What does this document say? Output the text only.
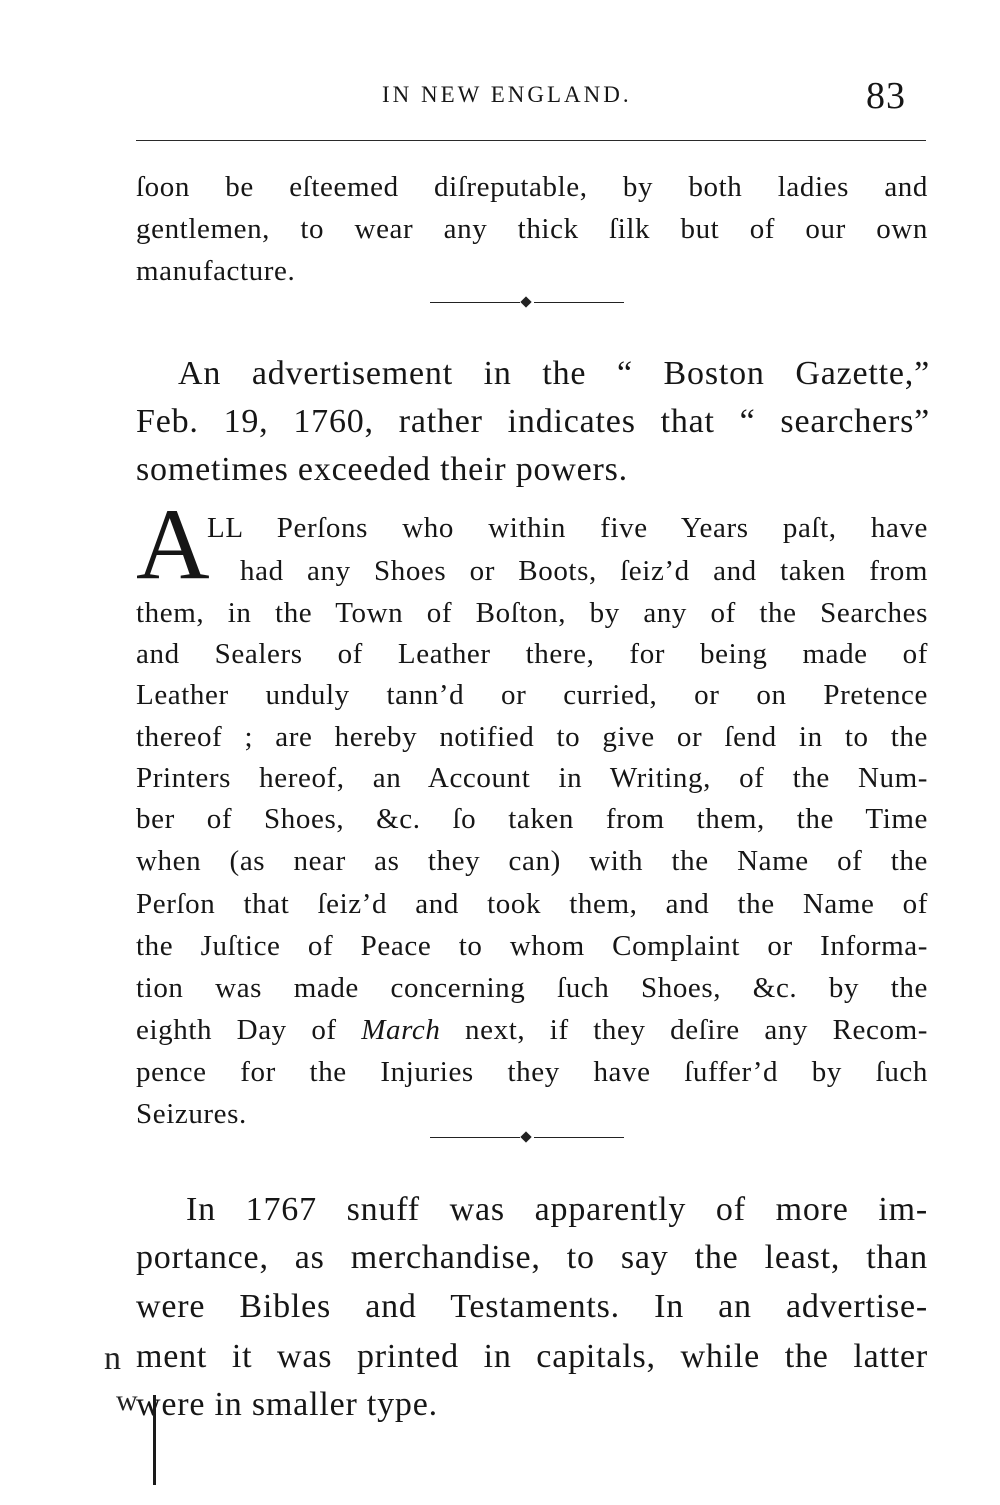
IN NEW ENGLAND.	83
ſoon be eſteemed diſreputable, by both ladies and
gentlemen, to wear any thick ſilk but of our own
manufacture.
An advertisement in the “ Boston Gazette,”
Feb. 19, 1760, rather indicates that “ searchers”
sometimes exceeded their powers.
A
LL Perſons who within five Years paſt, have
had any Shoes or Boots, ſeiz’d and taken from
them, in the Town of Boſton, by any of the Searches
and Sealers of Leather there, for being made of
Leather unduly tann’d or curried, or on Pretence
thereof ; are hereby notified to give or ſend in to the
Printers hereof, an Account in Writing, of the Num-
ber of Shoes, &c. ſo taken from them, the Time
when (as near as they can) with the Name of the
Perſon that ſeiz’d and took them, and the Name of
the Juſtice of Peace to whom Complaint or Informa-
tion was made concerning ſuch Shoes, &c. by the
eighth Day of March next, if they deſire any Recom-
pence for the Injuries they have ſuffer’d by ſuch
Seizures.
In 1767 snuff was apparently of more im-
portance, as merchandise, to say the least, than
were Bibles and Testaments. In an advertise-
ment it was printed in capitals, while the latter
were in smaller type.
n
w
